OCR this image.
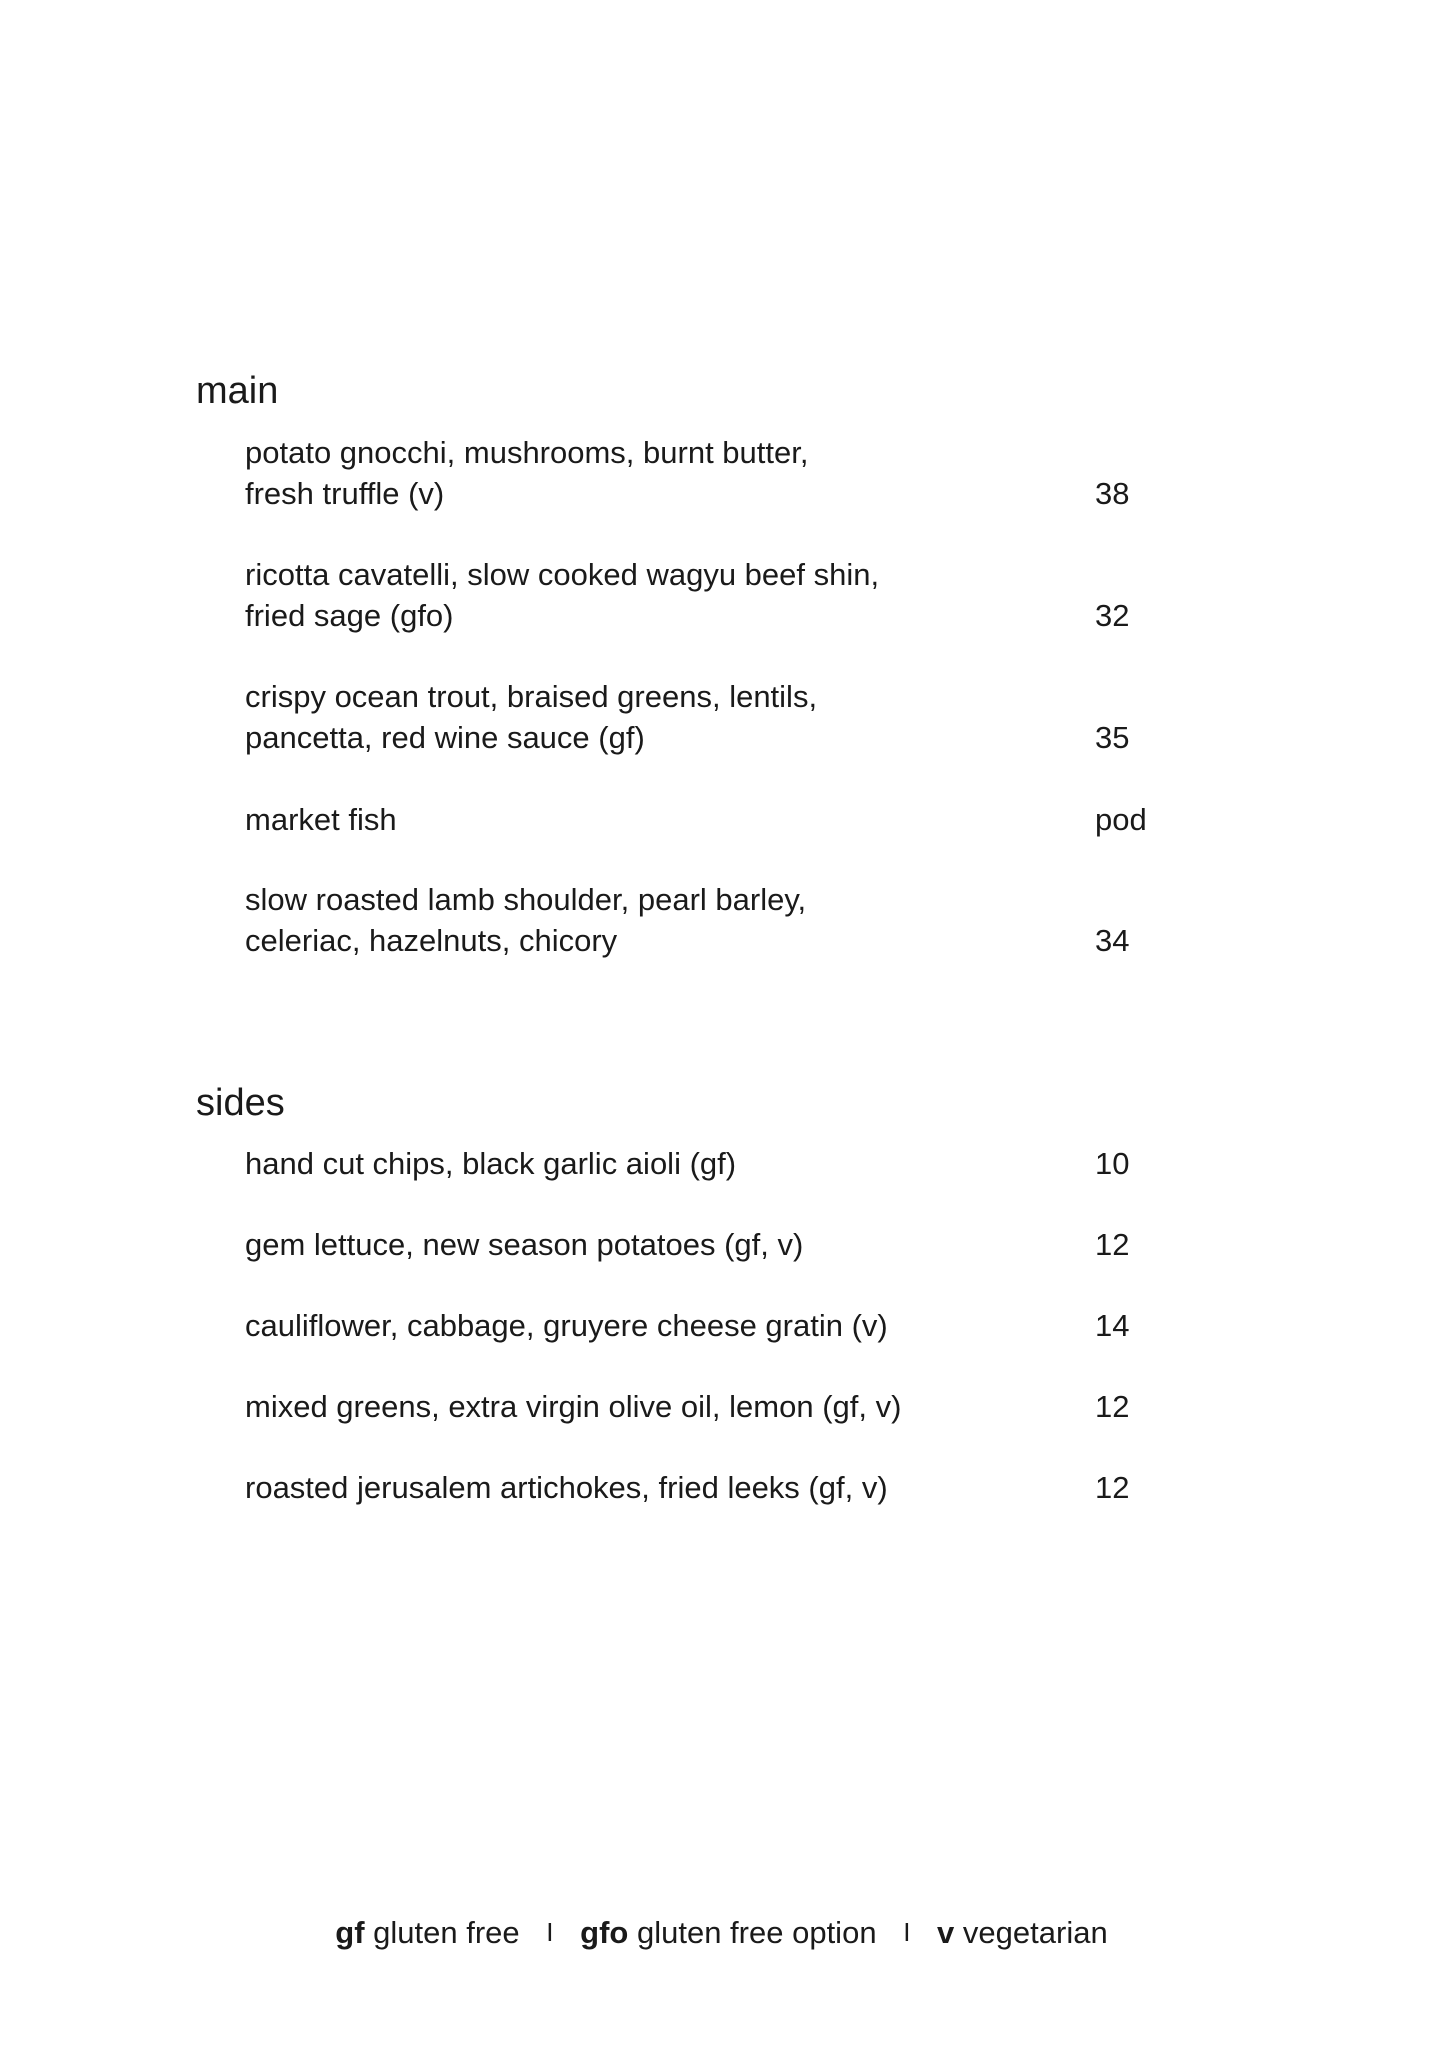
main
potato gnocchi, mushrooms, burnt butter,
fresh truffle (v)	38
ricotta cavatelli, slow cooked wagyu beef shin,
fried sage (gfo)	32
crispy ocean trout, braised greens, lentils,
pancetta, red wine sauce (gf)	35
market fish	pod
slow roasted lamb shoulder, pearl barley,
celeriac, hazelnuts, chicory	34
sides
hand cut chips, black garlic aioli (gf)	10
gem lettuce, new season potatoes (gf, v)	12
cauliflower, cabbage, gruyere cheese gratin (v)	14
mixed greens, extra virgin olive oil, lemon (gf, v)	12
roasted jerusalem artichokes, fried leeks (gf, v)	12
gf gluten free I gfo gluten free option I v vegetarian
